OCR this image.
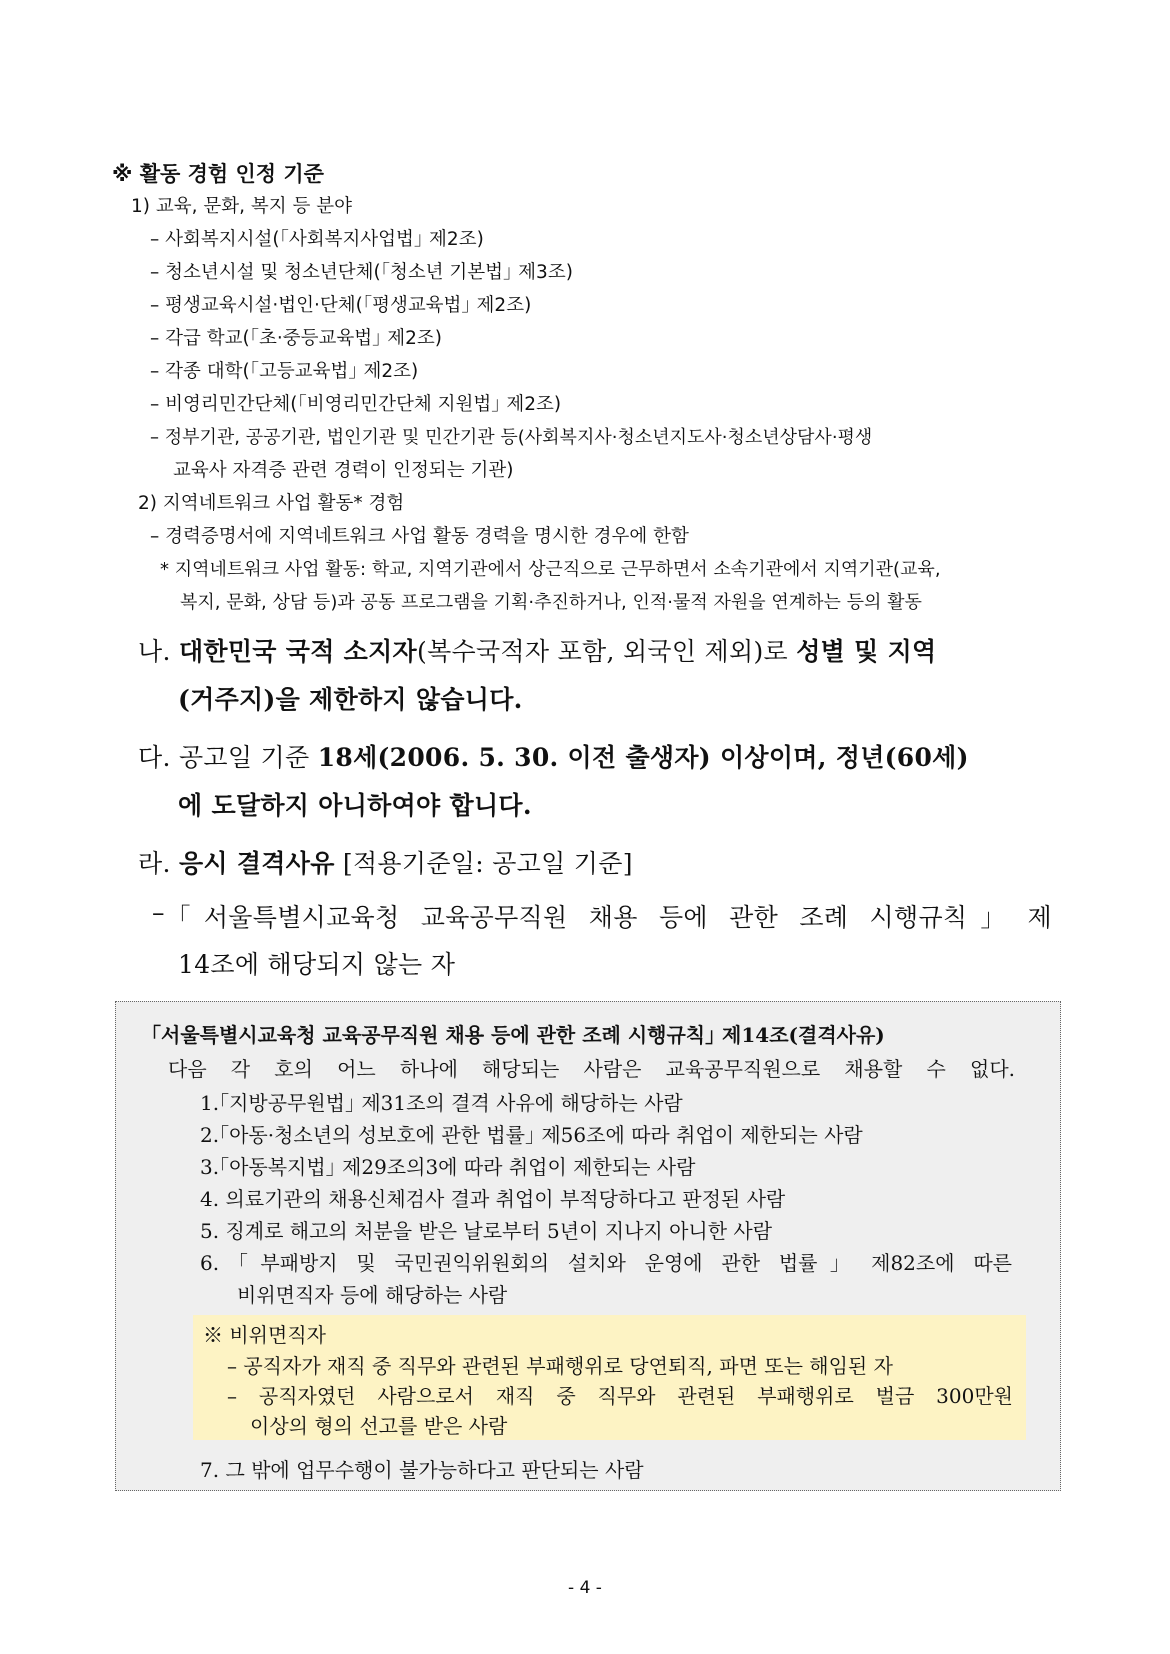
※ 활동 경험 인정 기준
1) 교육, 문화, 복지 등 분야
– 사회복지시설(｢사회복지사업법｣ 제2조)
– 청소년시설 및 청소년단체(｢청소년 기본법｣ 제3조)
– 평생교육시설·법인·단체(｢평생교육법｣ 제2조)
– 각급 학교(｢초·중등교육법｣ 제2조)
– 각종 대학(｢고등교육법｣ 제2조)
– 비영리민간단체(｢비영리민간단체 지원법｣ 제2조)
– 정부기관, 공공기관, 법인기관 및 민간기관 등(사회복지사·청소년지도사·청소년상담사·평생
교육사 자격증 관련 경력이 인정되는 기관)
2) 지역네트워크 사업 활동* 경험
– 경력증명서에 지역네트워크 사업 활동 경력을 명시한 경우에 한함
* 지역네트워크 사업 활동: 학교, 지역기관에서 상근직으로 근무하면서 소속기관에서 지역기관(교육,
복지, 문화, 상담 등)과 공동 프로그램을 기획·추진하거나, 인적·물적 자원을 연계하는 등의 활동
나. 대한민국 국적 소지자(복수국적자 포함, 외국인 제외)로 성별 및 지역
(거주지)을 제한하지 않습니다.
다. 공고일 기준 18세(2006. 5. 30. 이전 출생자) 이상이며, 정년(60세)
에 도달하지 아니하여야 합니다.
라. 응시 결격사유 [적용기준일: 공고일 기준]
– ｢서울특별시교육청 교육공무직원 채용 등에 관한 조례 시행규칙｣ 제
14조에 해당되지 않는 자
｢서울특별시교육청 교육공무직원 채용 등에 관한 조례 시행규칙｣ 제14조(결격사유)
다음 각 호의 어느 하나에 해당되는 사람은 교육공무직원으로 채용할 수 없다.
1.｢지방공무원법｣ 제31조의 결격 사유에 해당하는 사람
2.｢아동·청소년의 성보호에 관한 법률｣ 제56조에 따라 취업이 제한되는 사람
3.｢아동복지법｣ 제29조의3에 따라 취업이 제한되는 사람
4. 의료기관의 채용신체검사 결과 취업이 부적당하다고 판정된 사람
5. 징계로 해고의 처분을 받은 날로부터 5년이 지나지 아니한 사람
6. ｢부패방지 및 국민권익위원회의 설치와 운영에 관한 법률｣ 제82조에 따른
비위면직자 등에 해당하는 사람
※ 비위면직자
– 공직자가 재직 중 직무와 관련된 부패행위로 당연퇴직, 파면 또는 해임된 자
– 공직자였던 사람으로서 재직 중 직무와 관련된 부패행위로 벌금 300만원
이상의 형의 선고를 받은 사람
7. 그 밖에 업무수행이 불가능하다고 판단되는 사람
- 4 -
